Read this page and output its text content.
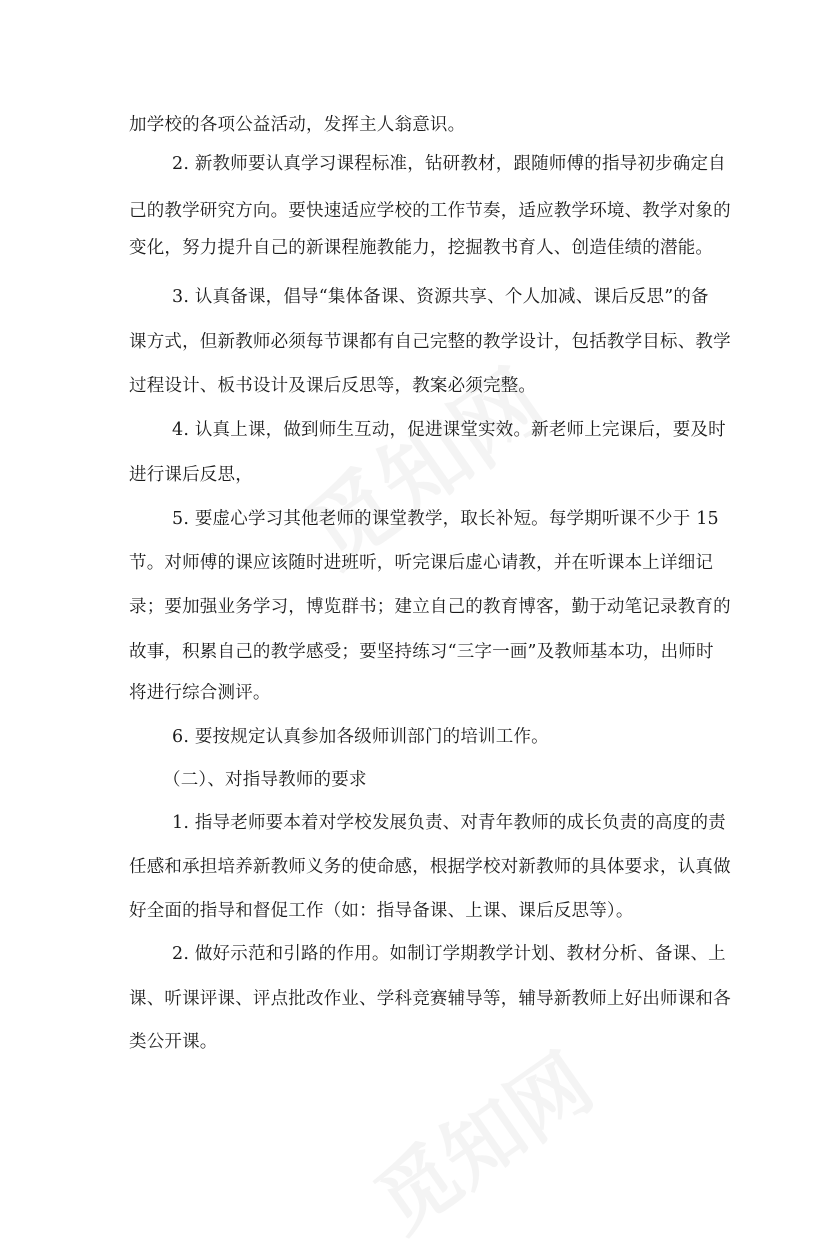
加学校的各项公益活动，发挥主人翁意识。
2. 新教师要认真学习课程标准，钻研教材，跟随师傅的指导初步确定自
己的教学研究方向。要快速适应学校的工作节奏，适应教学环境、教学对象的
变化，努力提升自己的新课程施教能力，挖掘教书育人、创造佳绩的潜能。
3. 认真备课，倡导“集体备课、资源共享、个人加减、课后反思”的备
课方式，但新教师必须每节课都有自己完整的教学设计，包括教学目标、教学
过程设计、板书设计及课后反思等，教案必须完整。
4. 认真上课，做到师生互动，促进课堂实效。新老师上完课后，要及时
进行课后反思，
5. 要虚心学习其他老师的课堂教学，取长补短。每学期听课不少于 15
节。对师傅的课应该随时进班听，听完课后虚心请教，并在听课本上详细记
录；要加强业务学习，博览群书；建立自己的教育博客，勤于动笔记录教育的
故事，积累自己的教学感受；要坚持练习“三字一画”及教师基本功，出师时
将进行综合测评。
6. 要按规定认真参加各级师训部门的培训工作。
（二）、对指导教师的要求
1. 指导老师要本着对学校发展负责、对青年教师的成长负责的高度的责
任感和承担培养新教师义务的使命感，根据学校对新教师的具体要求，认真做
好全面的指导和督促工作（如：指导备课、上课、课后反思等）。
2. 做好示范和引路的作用。如制订学期教学计划、教材分析、备课、上
课、听课评课、评点批改作业、学科竞赛辅导等，辅导新教师上好出师课和各
类公开课。
